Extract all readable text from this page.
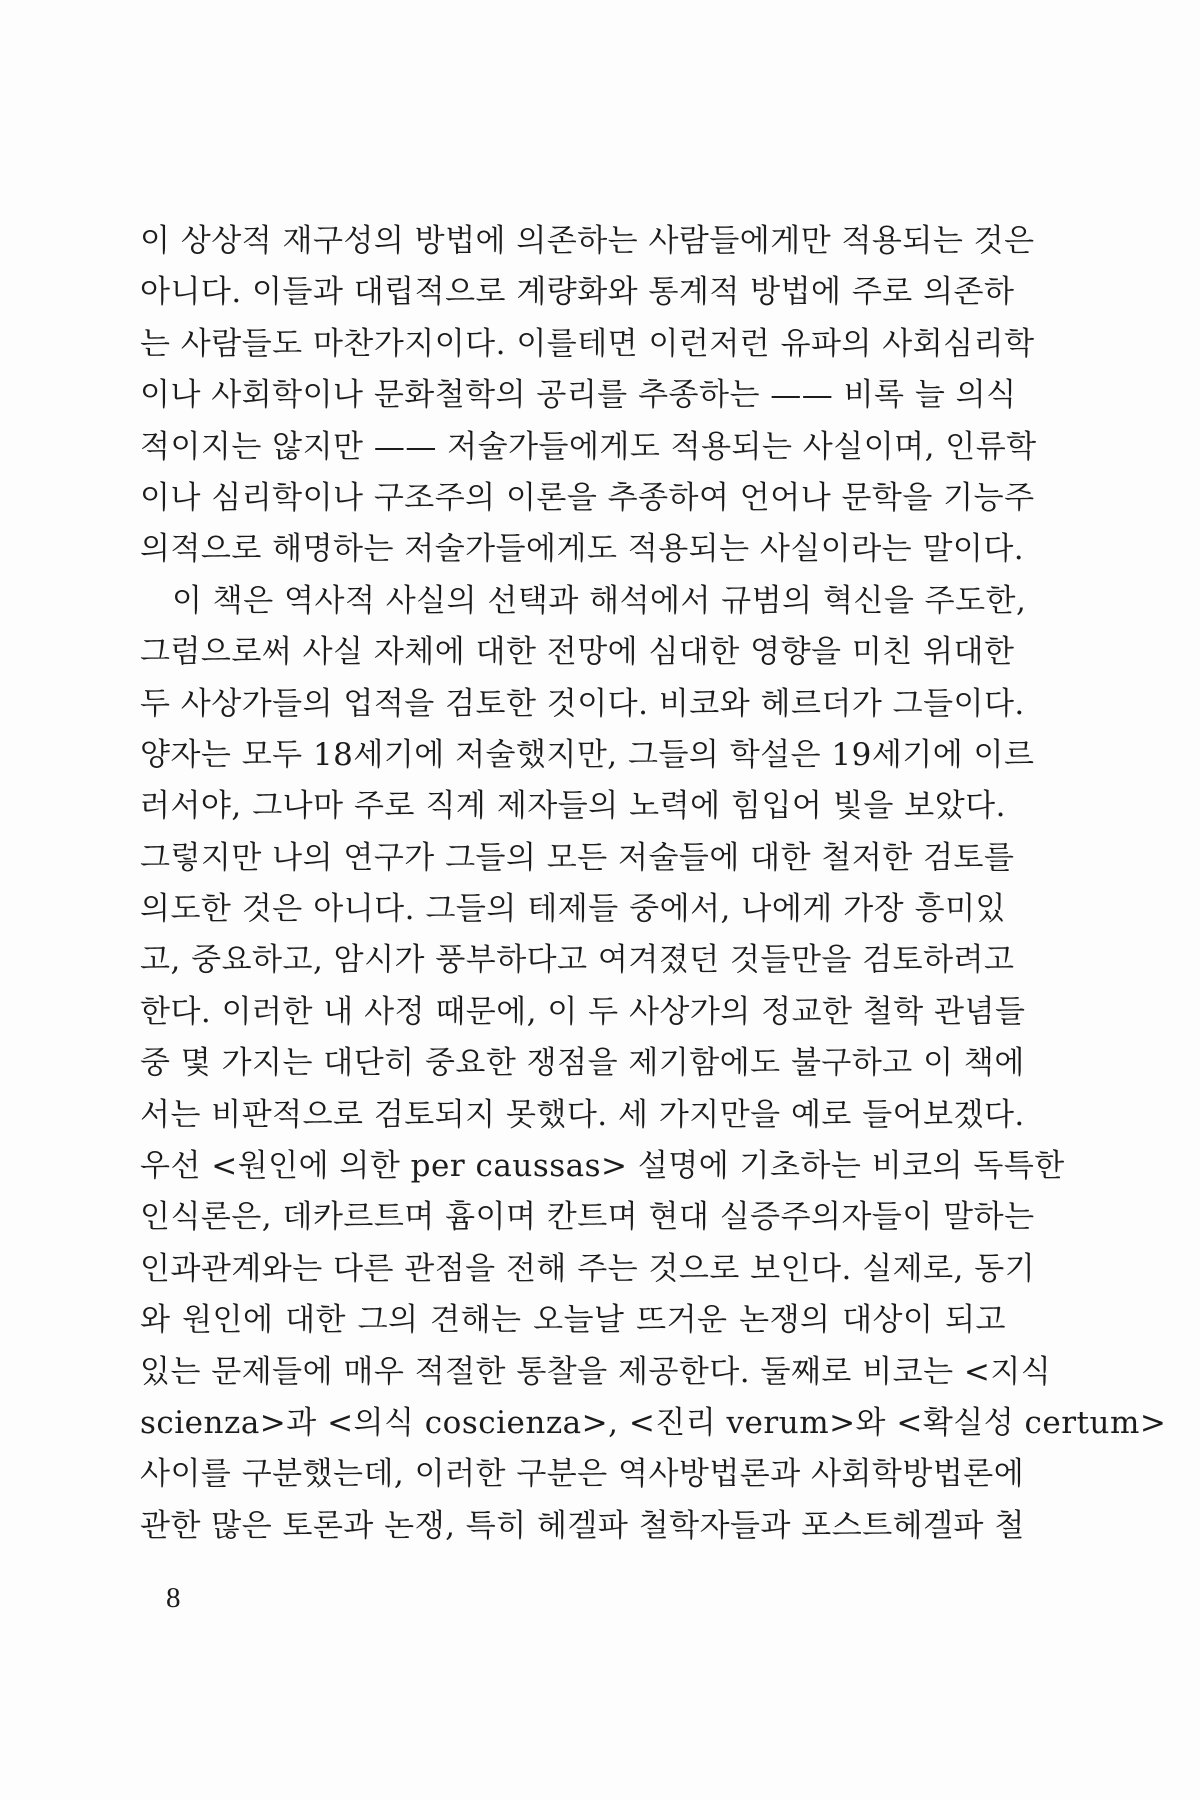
이 상상적 재구성의 방법에 의존하는 사람들에게만 적용되는 것은
아니다. 이들과 대립적으로 계량화와 통계적 방법에 주로 의존하
는 사람들도 마찬가지이다. 이를테면 이런저런 유파의 사회심리학
이나 사회학이나 문화철학의 공리를 추종하는 —— 비록 늘 의식
적이지는 않지만 —— 저술가들에게도 적용되는 사실이며, 인류학
이나 심리학이나 구조주의 이론을 추종하여 언어나 문학을 기능주
의적으로 해명하는 저술가들에게도 적용되는 사실이라는 말이다.
이 책은 역사적 사실의 선택과 해석에서 규범의 혁신을 주도한,
그럼으로써 사실 자체에 대한 전망에 심대한 영향을 미친 위대한
두 사상가들의 업적을 검토한 것이다. 비코와 헤르더가 그들이다.
양자는 모두 18세기에 저술했지만, 그들의 학설은 19세기에 이르
러서야, 그나마 주로 직계 제자들의 노력에 힘입어 빛을 보았다.
그렇지만 나의 연구가 그들의 모든 저술들에 대한 철저한 검토를
의도한 것은 아니다. 그들의 테제들 중에서, 나에게 가장 흥미있
고, 중요하고, 암시가 풍부하다고 여겨졌던 것들만을 검토하려고
한다. 이러한 내 사정 때문에, 이 두 사상가의 정교한 철학 관념들
중 몇 가지는 대단히 중요한 쟁점을 제기함에도 불구하고 이 책에
서는 비판적으로 검토되지 못했다. 세 가지만을 예로 들어보겠다.
우선 <원인에 의한 per caussas> 설명에 기초하는 비코의 독특한
인식론은, 데카르트며 흄이며 칸트며 현대 실증주의자들이 말하는
인과관계와는 다른 관점을 전해 주는 것으로 보인다. 실제로, 동기
와 원인에 대한 그의 견해는 오늘날 뜨거운 논쟁의 대상이 되고
있는 문제들에 매우 적절한 통찰을 제공한다. 둘째로 비코는 <지식
scienza>과 <의식 coscienza>, <진리 verum>와 <확실성 certum>
사이를 구분했는데, 이러한 구분은 역사방법론과 사회학방법론에
관한 많은 토론과 논쟁, 특히 헤겔파 철학자들과 포스트헤겔파 철
8
